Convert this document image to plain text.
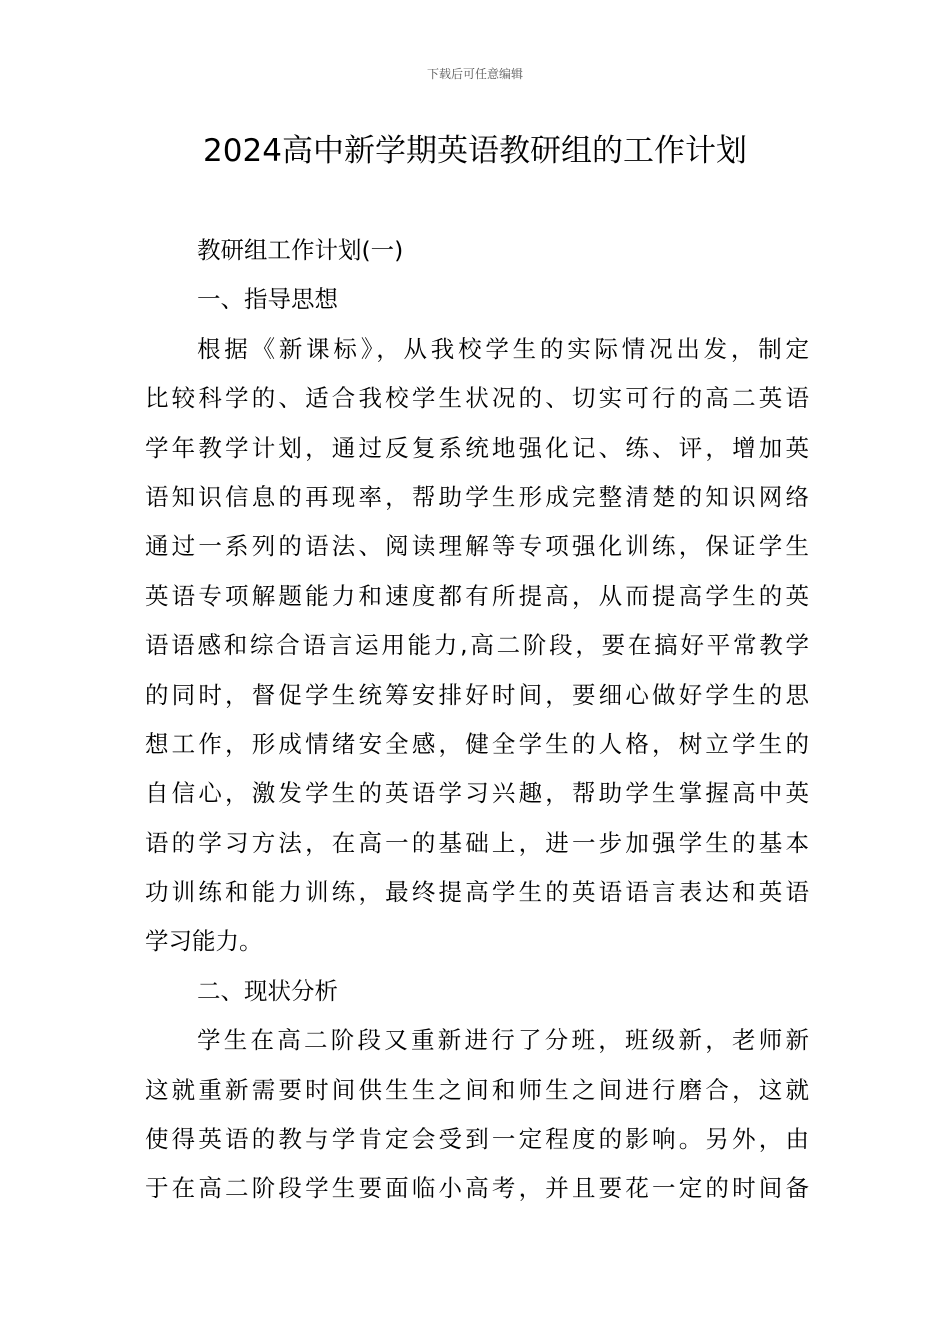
下载后可任意编辑
2024高中新学期英语教研组的工作计划
教研组工作计划(一)
一、指导思想

根据《新课标》，从我校学生的实际情况出发，制定
比较科学的、适合我校学生状况的、切实可行的高二英语
学年教学计划，通过反复系统地强化记、练、评，增加英
语知识信息的再现率，帮助学生形成完整清楚的知识网络
通过一系列的语法、阅读理解等专项强化训练，保证学生
英语专项解题能力和速度都有所提高，从而提高学生的英
语语感和综合语言运用能力,高二阶段，要在搞好平常教学
的同时，督促学生统筹安排好时间，要细心做好学生的思
想工作，形成情绪安全感，健全学生的人格，树立学生的
自信心，激发学生的英语学习兴趣，帮助学生掌握高中英
语的学习方法，在高一的基础上，进一步加强学生的基本
功训练和能力训练，最终提高学生的英语语言表达和英语
学习能力。

二、现状分析

学生在高二阶段又重新进行了分班，班级新，老师新
这就重新需要时间供生生之间和师生之间进行磨合，这就
使得英语的教与学肯定会受到一定程度的影响。另外，由
于在高二阶段学生要面临小高考，并且要花一定的时间备
